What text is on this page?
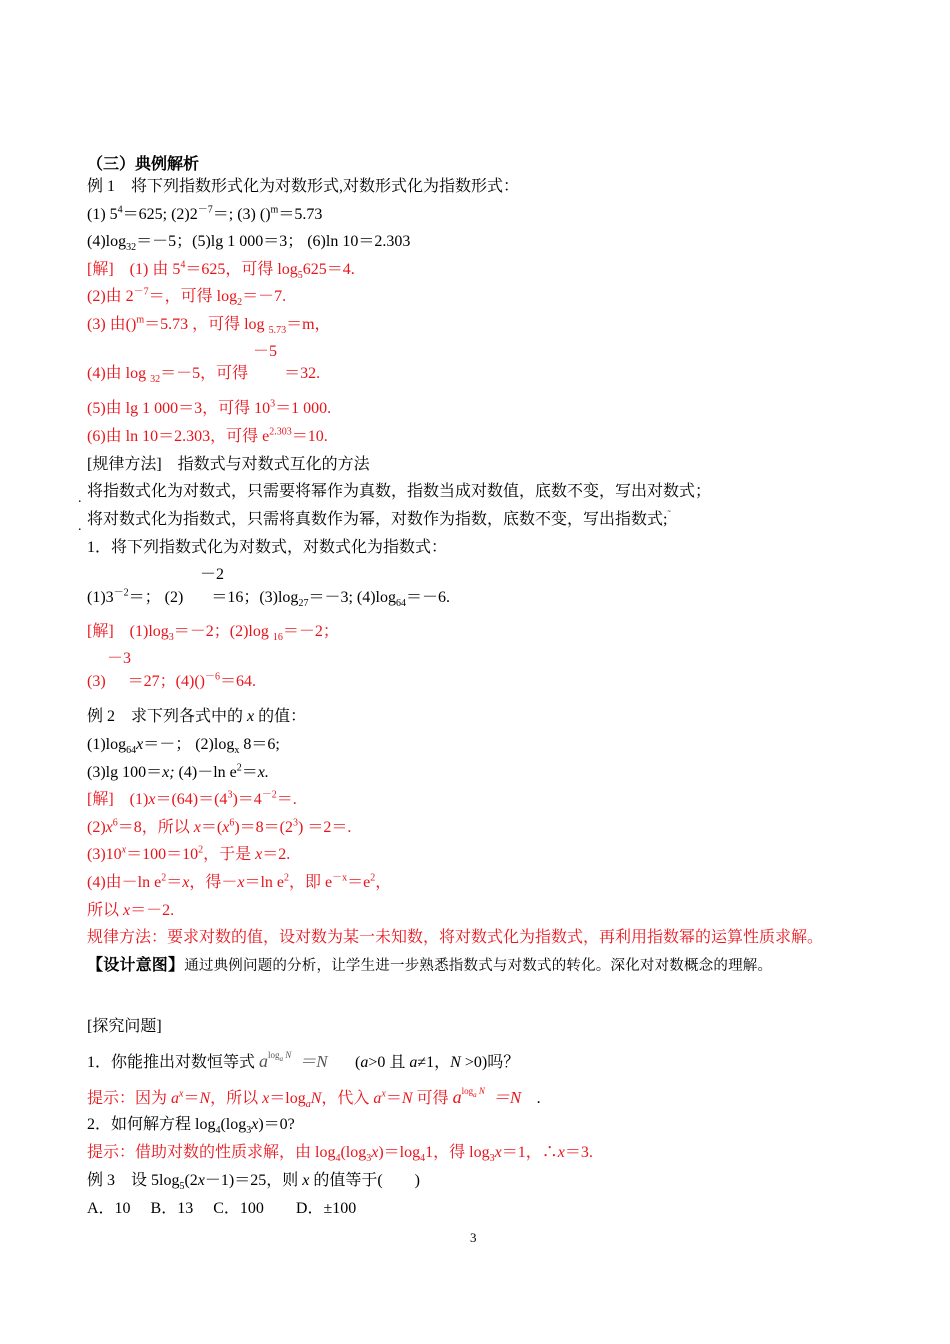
（三）典例解析
例 1　将下列指数形式化为对数形式,对数形式化为指数形式：
(1) $5^4=625$; $(2)2^{-7}=$; (3) ()$^m$＝5.73
$(4)\log_{32}=-5$；(5)lg 1 000＝3； (6)ln 10＝2.303
[解]　(1) 由 $5^4=625$，可得 $\log_5625=4$.
(2)由 $2^{-7}=$，可得 $\log_2=-7$.
(3) 由()$^m$＝5.73 ，可得 log $_{5.73}$＝m，
－5
(4)由 log $_{32}$＝－5，可得 ＝32.
(5)由 lg 1 000＝3，可得 $10^3=1$ 000.
(6)由 ln 10＝2.303，可得 $e^{2.303}=10$.
[规律方法]　指数式与对数式互化的方法
. 将指数式化为对数式，只需要将幂作为真数，指数当成对数值，底数不变，写出对数式；
. 将对数式化为指数式，只需将真数作为幂，对数作为指数，底数不变，写出指数式;˜
1．将下列指数式化为对数式，对数式化为指数式：
－2
$(1)3^{-2}=$； (2) ＝16；$(3)\log_{27}=-3$; $(4)\log_{64}=-6$.
[解]　$(1)\log_3=-2$；(2)log $_{16}$＝－2；
－3
(3) ＝27；(4)()$^{-6}$＝64.
例 2　求下列各式中的 x 的值：
$(1)\log_{64}x=-$； $(2)\log_x$ 8＝6;
(3)lg 100＝x; (4)－ln $e^2=x$.
[解]　$(1)x=(64)=(4^3)=4^{-2}=$.
$(2)x^6=8$，所以 $x=(x^6)=8=(2^3) =2=$.
$(3)10^x=100=10^2$，于是 x＝2.
(4)由－ln $e^2=x$，得－x＝ln $e^2$，即 $e^{-x}=e^2$，
所以 x＝－2.
规律方法：要求对数的值，设对数为某一未知数，将对数式化为指数式，再利用指数幂的运算性质求解。
【设计意图】通过典例问题的分析，让学生进一步熟悉指数式与对数式的转化。深化对对数概念的理解。
[探究问题]
1．你能推出对数恒等式 $a^{log_a N} =N$ (a>0 且 a≠1，N >0)吗？
提示：因为 $a^x=N$，所以 $x=\log_aN$，代入 $a^x=N$ 可得 $a^{log_a N} =N$ .
2．如何解方程 $\log_4(\log_3x)=0$?
提示：借助对数的性质求解，由 $\log_4(\log_3x)=\log_41$，得 $\log_3x=1$，∴x＝3.
例 3　设 $5\log_5(2x-1)=25$，则 x 的值等于(　　)
A．10　 B．13　 C．100　　D．±100
3
